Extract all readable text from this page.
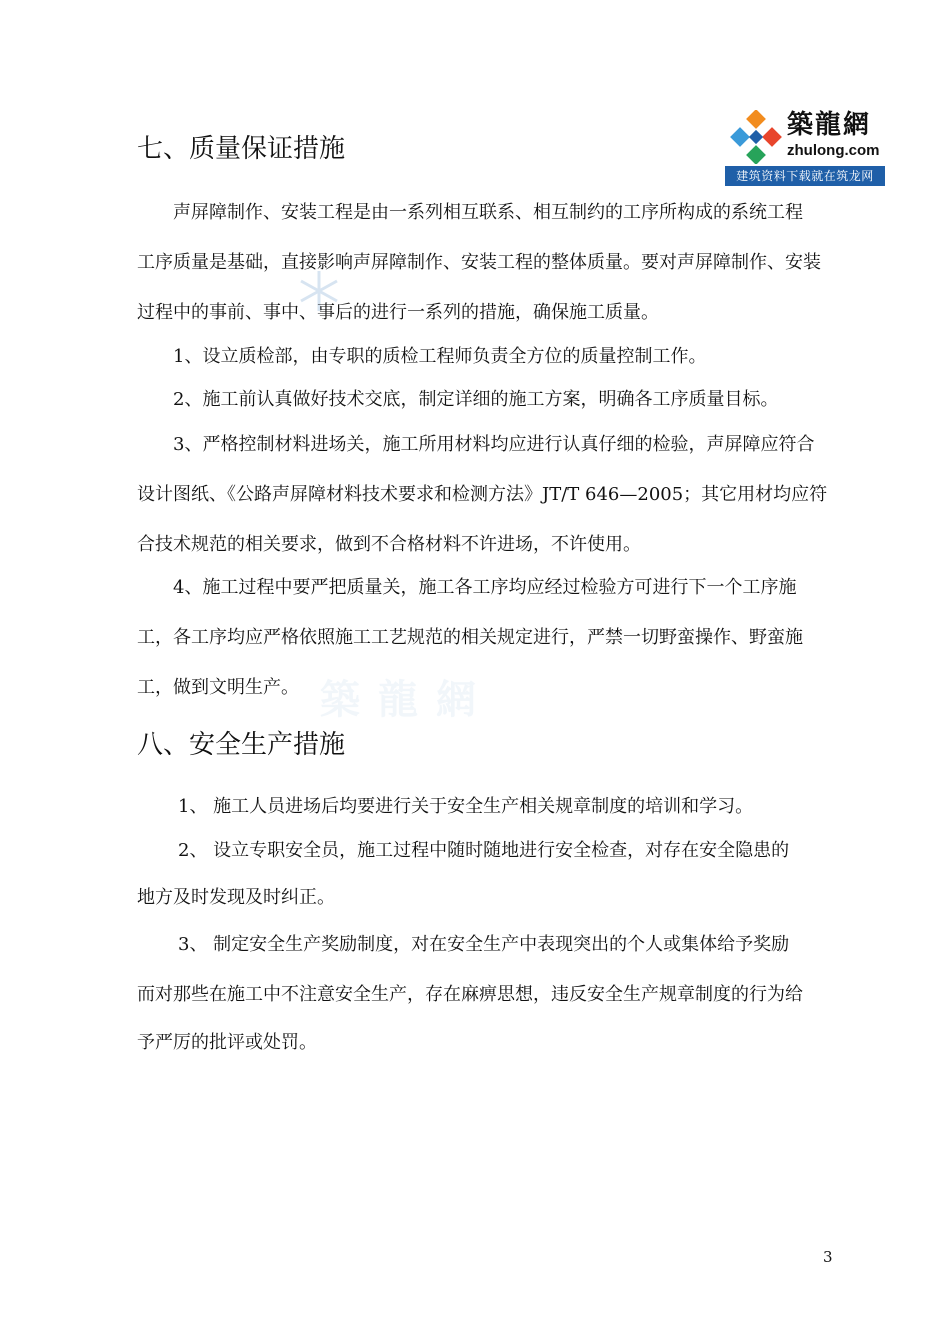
築龍網
zhulong.com
建筑资料下载就在筑龙网
築龍網
七、质量保证措施
声屏障制作、安装工程是由一系列相互联系、相互制约的工序所构成的系统工程
工序质量是基础，直接影响声屏障制作、安装工程的整体质量。要对声屏障制作、安装
过程中的事前、事中、事后的进行一系列的措施，确保施工质量。
1、设立质检部，由专职的质检工程师负责全方位的质量控制工作。
2、施工前认真做好技术交底，制定详细的施工方案，明确各工序质量目标。
3、严格控制材料进场关，施工所用材料均应进行认真仔细的检验，声屏障应符合
设计图纸、《公路声屏障材料技术要求和检测方法》JT/T 646—2005；其它用材均应符
合技术规范的相关要求，做到不合格材料不许进场，不许使用。
4、施工过程中要严把质量关，施工各工序均应经过检验方可进行下一个工序施
工，各工序均应严格依照施工工艺规范的相关规定进行，严禁一切野蛮操作、野蛮施
工，做到文明生产。
八、安全生产措施
1、 施工人员进场后均要进行关于安全生产相关规章制度的培训和学习。
2、 设立专职安全员，施工过程中随时随地进行安全检查，对存在安全隐患的
地方及时发现及时纠正。
3、 制定安全生产奖励制度，对在安全生产中表现突出的个人或集体给予奖励
而对那些在施工中不注意安全生产，存在麻痹思想，违反安全生产规章制度的行为给
予严厉的批评或处罚。
3
